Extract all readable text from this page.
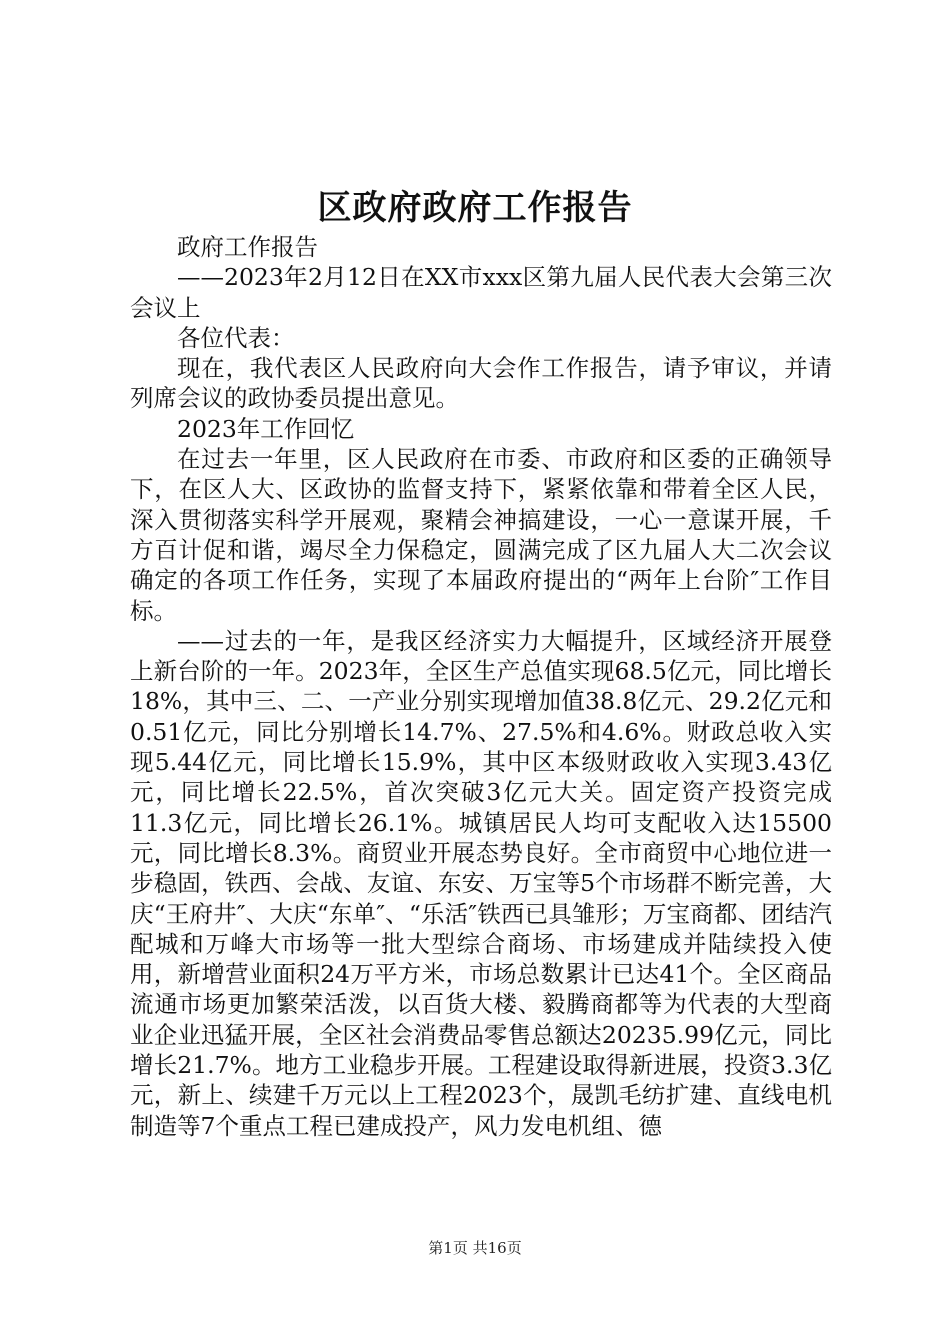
区政府政府工作报告

政府工作报告

——2023年2月12日在XX市xxx区第九届人民代表大会第三次会议上

各位代表：

现在，我代表区人民政府向大会作工作报告，请予审议，并请列席会议的政协委员提出意见。

2023年工作回忆

在过去一年里，区人民政府在市委、市政府和区委的正确领导下，在区人大、区政协的监督支持下，紧紧依靠和带着全区人民，深入贯彻落实科学开展观，聚精会神搞建设，一心一意谋开展，千方百计促和谐，竭尽全力保稳定，圆满完成了区九届人大二次会议确定的各项工作任务，实现了本届政府提出的“两年上台阶″工作目标。

——过去的一年，是我区经济实力大幅提升，区域经济开展登上新台阶的一年。2023年，全区生产总值实现68.5亿元，同比增长18%，其中三、二、一产业分别实现增加值38.8亿元、29.2亿元和0.51亿元，同比分别增长14.7%、27.5%和4.6%。财政总收入实现5.44亿元，同比增长15.9%，其中区本级财政收入实现3.43亿元，同比增长22.5%，首次突破3亿元大关。固定资产投资完成11.3亿元，同比增长26.1%。城镇居民人均可支配收入达15500元，同比增长8.3%。商贸业开展态势良好。全市商贸中心地位进一步稳固，铁西、会战、友谊、东安、万宝等5个市场群不断完善，大庆“王府井″、大庆“东单″、“乐活″铁西已具雏形；万宝商都、团结汽配城和万峰大市场等一批大型综合商场、市场建成并陆续投入使用，新增营业面积24万平方米，市场总数累计已达41个。全区商品流通市场更加繁荣活泼，以百货大楼、毅腾商都等为代表的大型商业企业迅猛开展，全区社会消费品零售总额达20235.99亿元，同比增长21.7%。地方工业稳步开展。工程建设取得新进展，投资3.3亿元，新上、续建千万元以上工程2023个，晟凯毛纺扩建、直线电机制造等7个重点工程已建成投产，风力发电机组、德

第1页 共16页
